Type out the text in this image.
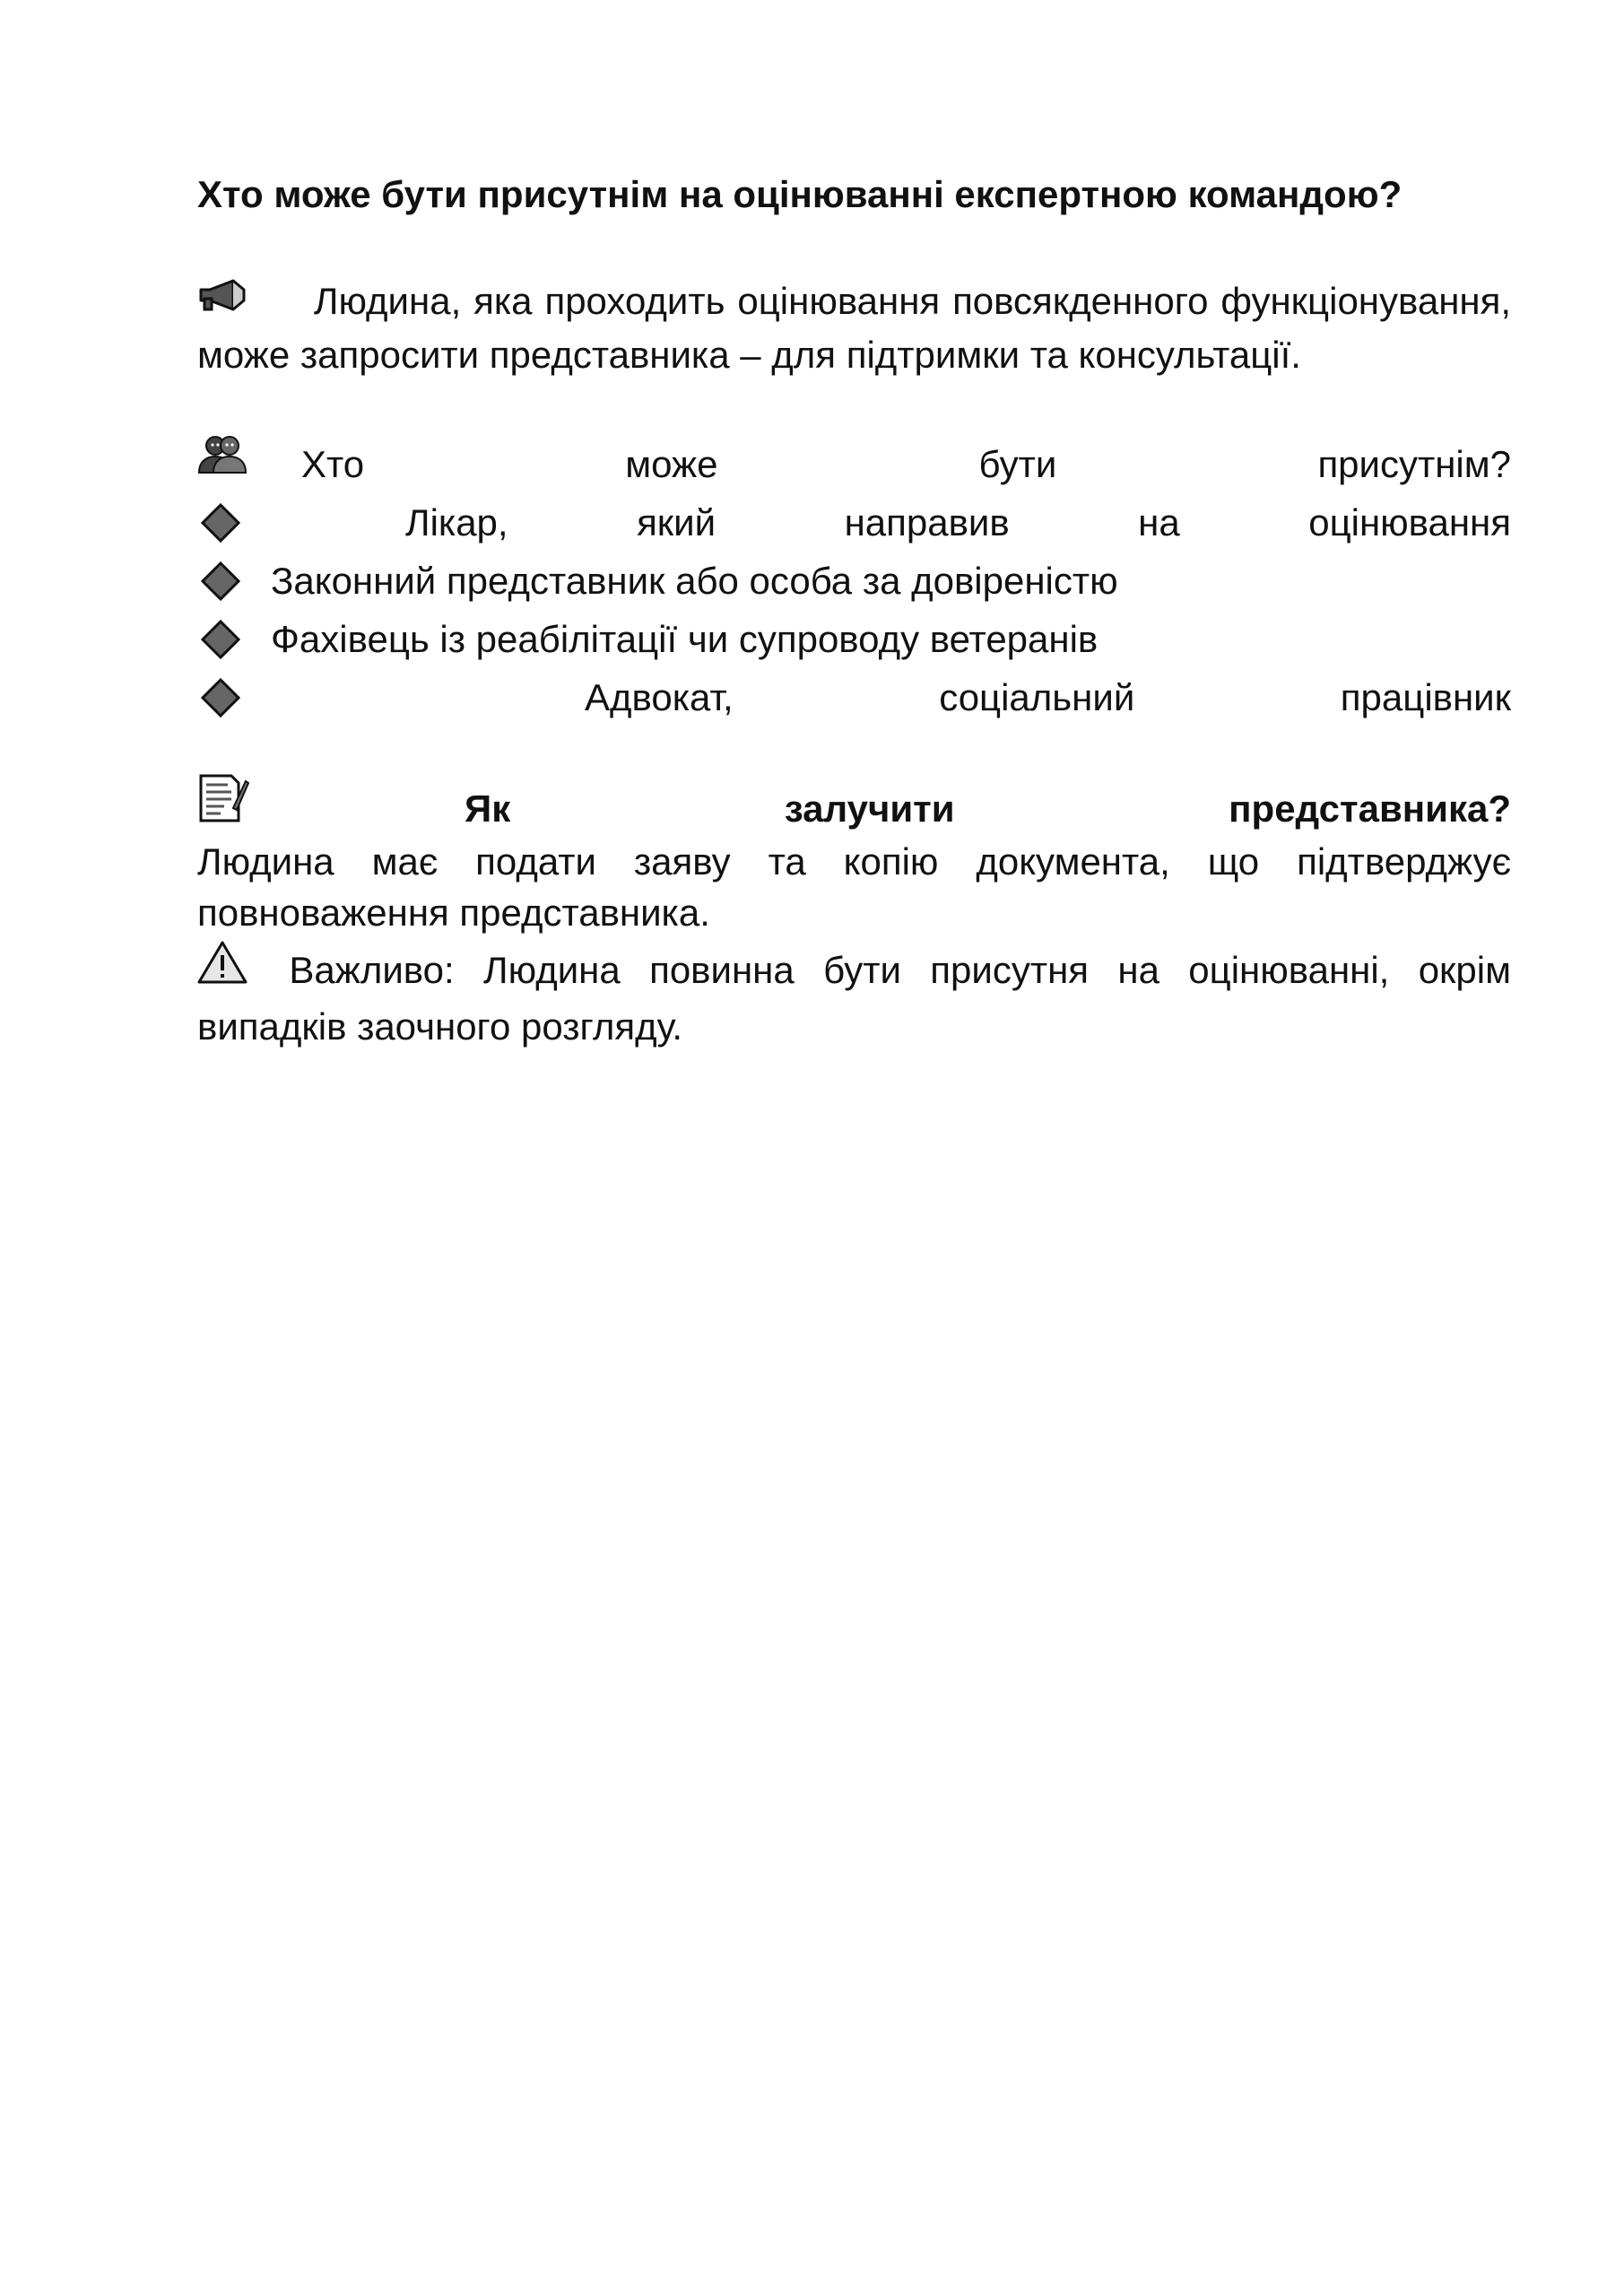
Хто може бути присутнім на оцінюванні експертною командою?

Людина, яка проходить оцінювання повсякденного функціонування, може запросити представника – для підтримки та консультації.

Хто може бути присутнім?
Лікар, який направив на оцінювання
Законний представник або особа за довіреністю
Фахівець із реабілітації чи супроводу ветеранів
Адвокат, соціальний працівник
Як залучити представника?

Людина має подати заяву та копію документа, що підтверджує повноваження представника.

Важливо: Людина повинна бути присутня на оцінюванні, окрім випадків заочного розгляду.
